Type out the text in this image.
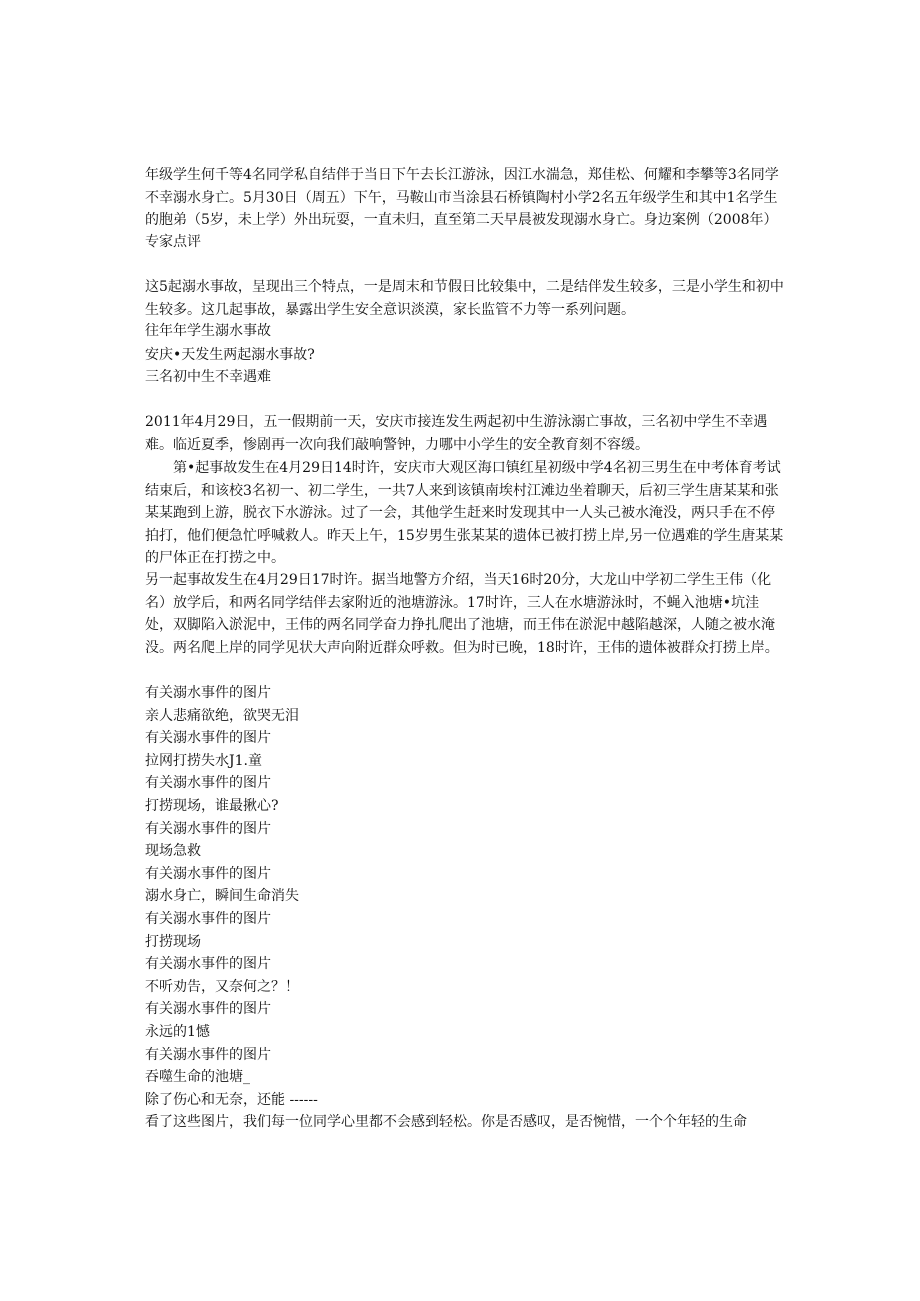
年级学生何千等4名同学私自结伴于当日下午去长江游泳，因江水湍急，郑佳松、何耀和李攀等3名同学不幸溺水身亡。5月30日（周五）下午，马鞍山市当涂县石桥镇陶村小学2名五年级学生和其中1名学生的胞弟（5岁，未上学）外出玩耍，一直未归，直至第二天早晨被发现溺水身亡。身边案例（2008年）

专家点评

这5起溺水事故，呈现出三个特点，一是周末和节假日比较集中，二是结伴发生较多，三是小学生和初中生较多。这几起事故，暴露出学生安全意识淡漠，家长监管不力等一系列问题。

往年年学生溺水事故
安庆•天发生两起溺水事故?
三名初中生不幸遇难

2011年4月29日，五一假期前一天，安庆市接连发生两起初中生游泳溺亡事故，三名初中学生不幸遇难。临近夏季，惨剧再一次向我们敲响警钟，力哪中小学生的安全教育刻不容缓。

第•起事故发生在4月29日14时许，安庆市大观区海口镇红星初级中学4名初三男生在中考体育考试结束后，和该校3名初一、初二学生，一共7人来到该镇南埃村江滩边坐着聊天，后初三学生唐某某和张某某跑到上游，脱衣下水游泳。过了一会，其他学生赶来时发现其中一人头己被水淹没，两只手在不停拍打，他们便急忙呼喊救人。昨天上午，15岁男生张某某的遗体已被打捞上岸,另一位遇难的学生唐某某的尸体正在打捞之中。

另一起事故发生在4月29日17时许。据当地警方介绍，当天16时20分，大龙山中学初二学生王伟（化名）放学后，和两名同学结伴去家附近的池塘游泳。17时许，三人在水塘游泳时，不蝇入池塘•坑洼处，双脚陷入淤泥中，王伟的两名同学奋力挣扎爬出了池塘，而王伟在淤泥中越陷越深，人随之被水淹没。两名爬上岸的同学见状大声向附近群众呼救。但为时已晚，18时许，王伟的遗体被群众打捞上岸。

有关溺水事件的图片
亲人悲痛欲绝，欲哭无泪
有关溺水事件的图片
拉网打捞失水J1.童
有关溺水事件的图片
打捞现场，谁最揪心?
有关溺水事件的图片
现场急救
有关溺水事件的图片
溺水身亡，瞬间生命消失
有关溺水事件的图片
打捞现场
有关溺水事件的图片
不听劝告，又奈何之？！
有关溺水事件的图片
永远的1憾
有关溺水事件的图片
吞噬生命的池塘_
除了伤心和无奈，还能 ------
看了这些图片，我们每一位同学心里都不会感到轻松。你是否感叹，是否惋惜，一个个年轻的生命
